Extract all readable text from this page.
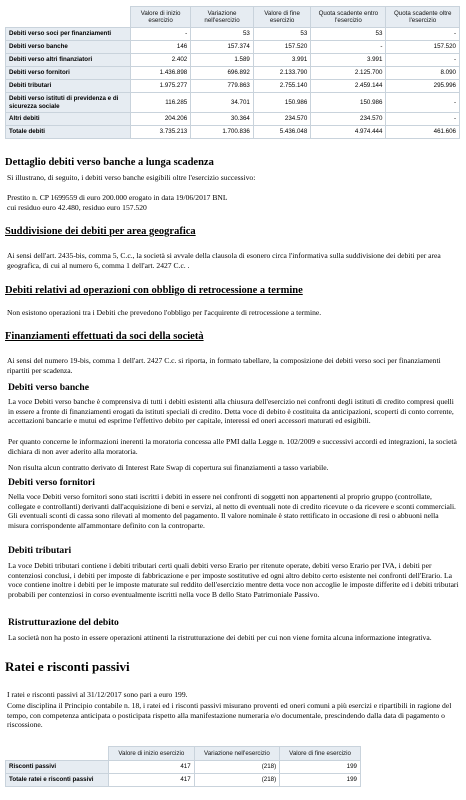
	Valore di inizio esercizio	Variazione nell'esercizio	Valore di fine esercizio	Quota scadente entro l'esercizio	Quota scadente oltre l'esercizio
Debiti verso soci per finanziamenti	-	53	53	53	-
Debiti verso banche	146	157.374	157.520	-	157.520
Debiti verso altri finanziatori	2.402	1.589	3.991	3.991	-
Debiti verso fornitori	1.436.898	696.892	2.133.790	2.125.700	8.090
Debiti tributari	1.975.277	779.863	2.755.140	2.459.144	295.996
Debiti verso istituti di previdenza e di sicurezza sociale	116.285	34.701	150.986	150.986	-
Altri debiti	204.206	30.364	234.570	234.570	-
Totale debiti	3.735.213	1.700.836	5.436.048	4.974.444	461.606
Dettaglio debiti verso banche a lunga scadenza

Si illustrano, di seguito, i debiti verso banche esigibili oltre l'esercizio successivo:

Prestito n. CP 1699559 di euro 200.000 erogato in data 19/06/2017 BNL

cui residuo euro 42.480, residuo euro 157.520

Suddivisione dei debiti per area geografica

Ai sensi dell'art. 2435-bis, comma 5, C.c., la società si avvale della clausola di esonero circa l'informativa sulla suddivisione dei debiti per area geografica, di cui al numero 6, comma 1 dell'art. 2427 C.c. .

Debiti relativi ad operazioni con obbligo di retrocessione a termine

Non esistono operazioni tra i Debiti che prevedono l'obbligo per l'acquirente di retrocessione a termine.

Finanziamenti effettuati da soci della società

Ai sensi del numero 19-bis, comma 1 dell'art. 2427 C.c. si riporta, in formato tabellare, la composizione dei debiti verso soci per finanziamenti ripartiti per scadenza.

Debiti verso banche

La voce Debiti verso banche è comprensiva di tutti i debiti esistenti alla chiusura dell'esercizio nei confronti degli istituti di credito compresi quelli in essere a fronte di finanziamenti erogati da istituti speciali di credito. Detta voce di debito è costituita da anticipazioni, scoperti di conto corrente, accettazioni bancarie e mutui ed esprime l'effettivo debito per capitale, interessi ed oneri accessori maturati ed esigibili.

Per quanto concerne le informazioni inerenti la moratoria concessa alle PMI dalla Legge n. 102/2009 e successivi accordi ed integrazioni, la società dichiara di non aver aderito alla moratoria.

Non risulta alcun contratto derivato di Interest Rate Swap di copertura sui finanziamenti a tasso variabile.

Debiti verso fornitori

Nella voce Debiti verso fornitori sono stati iscritti i debiti in essere nei confronti di soggetti non appartenenti al proprio gruppo (controllate, collegate e controllanti) derivanti dall'acquisizione di beni e servizi, al netto di eventuali note di credito ricevute o da ricevere e sconti commerciali. Gli eventuali sconti di cassa sono rilevati al momento del pagamento. Il valore nominale è stato rettificato in occasione di resi o abbuoni nella misura corrispondente all'ammontare definito con la controparte.

Debiti tributari

La voce Debiti tributari contiene i debiti tributari certi quali debiti verso Erario per ritenute operate, debiti verso Erario per IVA, i debiti per contenziosi conclusi, i debiti per imposte di fabbricazione e per imposte sostitutive ed ogni altro debito certo esistente nei confronti dell'Erario. La voce contiene inoltre i debiti per le imposte maturate sul reddito dell'esercizio mentre detta voce non accoglie le imposte differite ed i debiti tributari probabili per contenziosi in corso eventualmente iscritti nella voce B dello Stato Patrimoniale Passivo.

Ristrutturazione del debito

La società non ha posto in essere operazioni attinenti la ristrutturazione dei debiti per cui non viene fornita alcuna informazione integrativa.

Ratei e risconti passivi

I ratei e risconti passivi al 31/12/2017 sono pari a euro 199.

Come disciplina il Principio contabile n. 18, i ratei ed i risconti passivi misurano proventi ed oneri comuni a più esercizi e ripartibili in ragione del tempo, con competenza anticipata o posticipata rispetto alla manifestazione numeraria e/o documentale, prescindendo dalla data di pagamento o riscossione.

	Valore di inizio esercizio	Variazione nell'esercizio	Valore di fine esercizio
Risconti passivi	417	(218)	199
Totale ratei e risconti passivi	417	(218)	199
